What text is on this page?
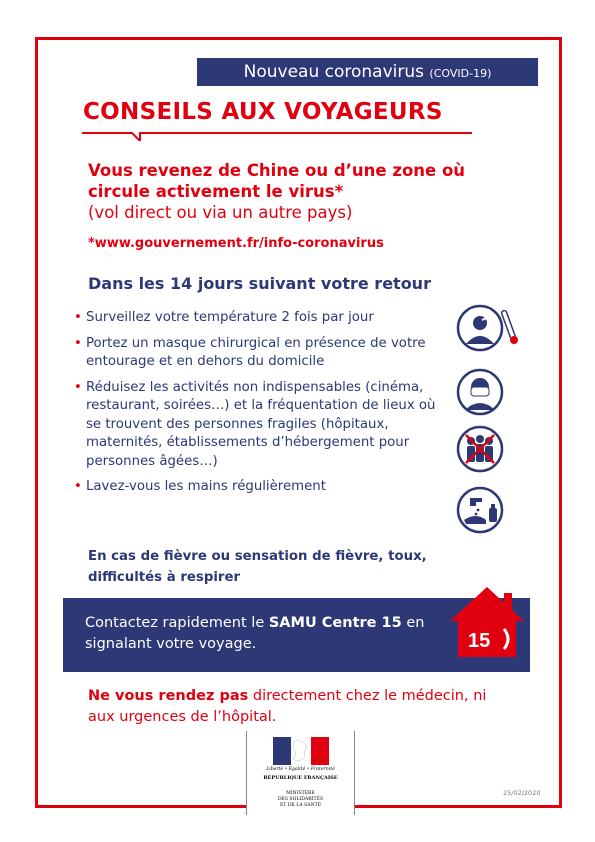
Nouveau coronavirus (COVID-19)
CONSEILS AUX VOYAGEURS
Vous revenez de Chine ou d’une zone où
circule activement le virus*
(vol direct ou via un autre pays)
*www.gouvernement.fr/info-coronavirus
Dans les 14 jours suivant votre retour
• Surveillez votre température 2 fois par jour
• Portez un masque chirurgical en présence de votre entourage et en dehors du domicile
• Réduisez les activités non indispensables (cinéma, restaurant, soirées…) et la fréquentation de lieux où se trouvent des personnes fragiles (hôpitaux, maternités, établissements d’hébergement pour personnes âgées…)
• Lavez-vous les mains régulièrement
En cas de fièvre ou sensation de fièvre, toux, difficultés à respirer
Contactez rapidement le SAMU Centre 15 en signalant votre voyage.	15
Ne vous rendez pas directement chez le médecin, ni aux urgences de l’hôpital.
Liberté • Égalité • Fraternité
RÉPUBLIQUE FRANÇAISE
MINISTÈRE
DES SOLIDARITÉS
ET DE LA SANTÉ
25/02/2020
